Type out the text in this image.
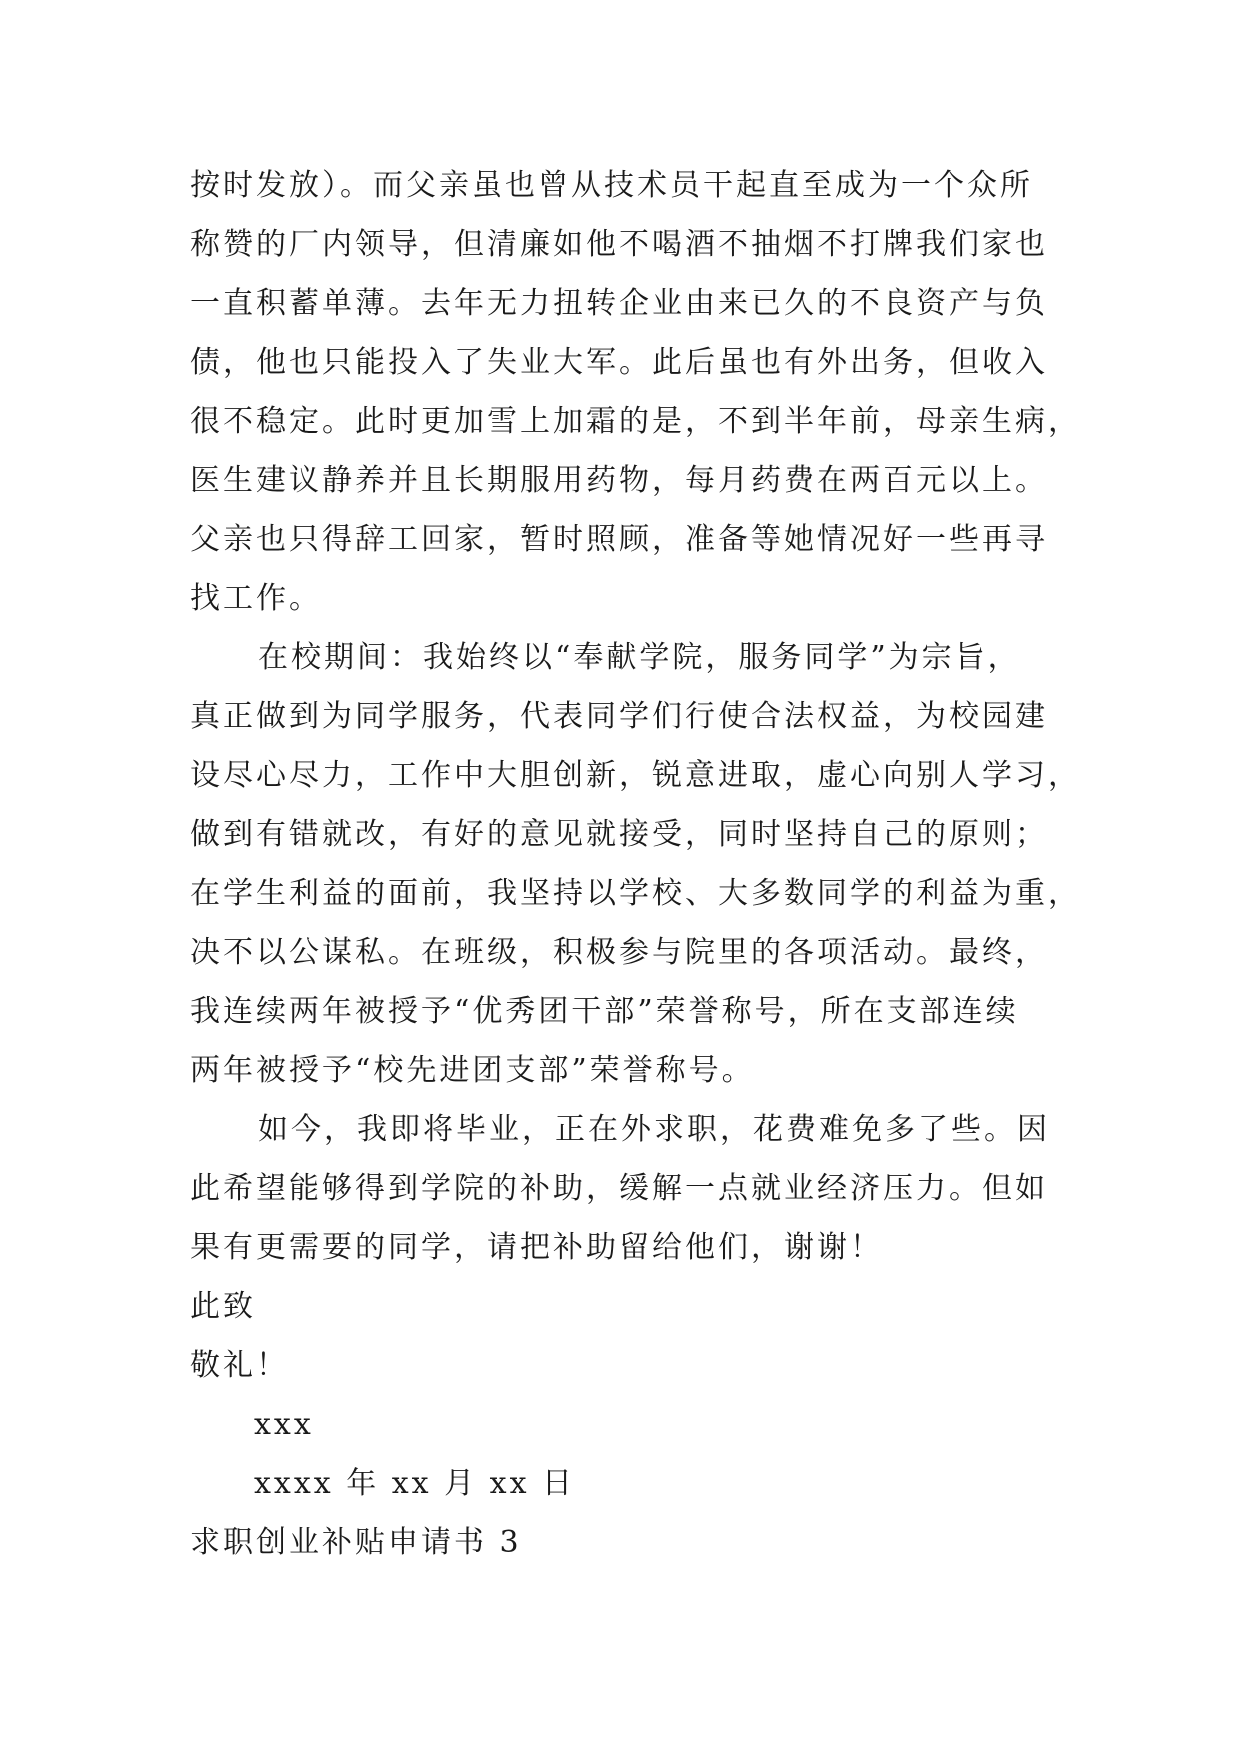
按时发放）。而父亲虽也曾从技术员干起直至成为一个众所
称赞的厂内领导，但清廉如他不喝酒不抽烟不打牌我们家也
一直积蓄单薄。去年无力扭转企业由来已久的不良资产与负
债，他也只能投入了失业大军。此后虽也有外出务，但收入
很不稳定。此时更加雪上加霜的是，不到半年前，母亲生病，
医生建议静养并且长期服用药物，每月药费在两百元以上。
父亲也只得辞工回家，暂时照顾，准备等她情况好一些再寻
找工作。
在校期间：我始终以“奉献学院，服务同学”为宗旨，
真正做到为同学服务，代表同学们行使合法权益，为校园建
设尽心尽力，工作中大胆创新，锐意进取，虚心向别人学习，
做到有错就改，有好的意见就接受，同时坚持自己的原则；
在学生利益的面前，我坚持以学校、大多数同学的利益为重，
决不以公谋私。在班级，积极参与院里的各项活动。最终，
我连续两年被授予“优秀团干部”荣誉称号，所在支部连续
两年被授予“校先进团支部”荣誉称号。
如今，我即将毕业，正在外求职，花费难免多了些。因
此希望能够得到学院的补助，缓解一点就业经济压力。但如
果有更需要的同学，请把补助留给他们，谢谢！
此致
敬礼！
xxx
xxxx 年 xx 月 xx 日
求职创业补贴申请书 3
